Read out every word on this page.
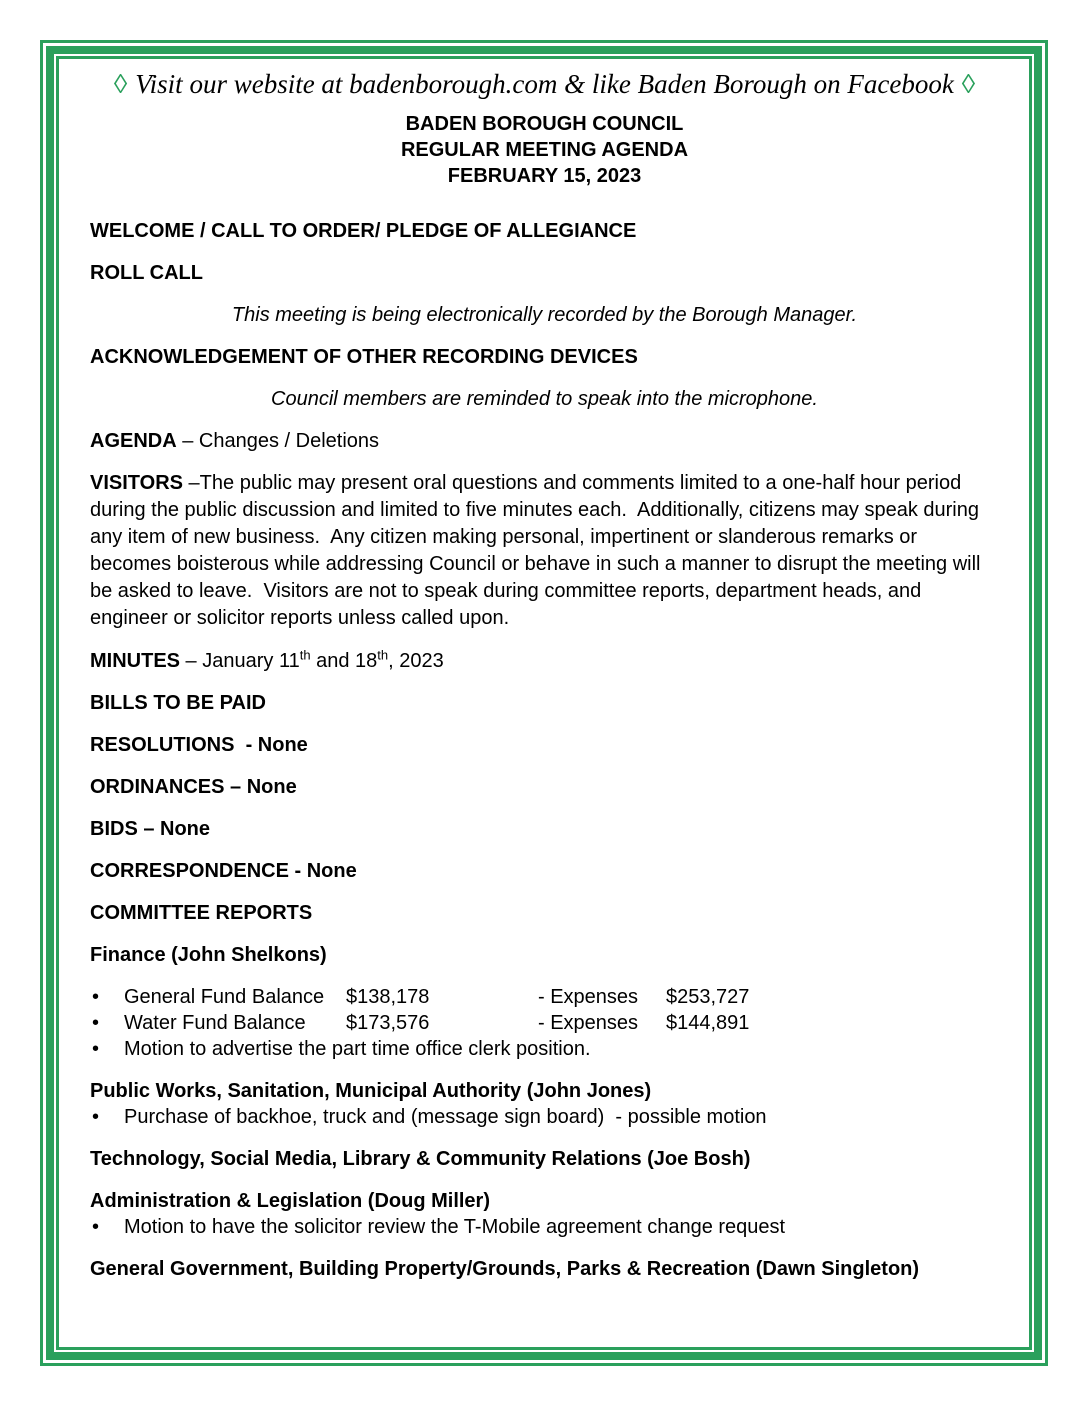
◊ Visit our website at badenborough.com & like Baden Borough on Facebook ◊

BADEN BOROUGH COUNCIL

REGULAR MEETING AGENDA

FEBRUARY 15, 2023

WELCOME / CALL TO ORDER/ PLEDGE OF ALLEGIANCE

ROLL CALL

This meeting is being electronically recorded by the Borough Manager.

ACKNOWLEDGEMENT OF OTHER RECORDING DEVICES

Council members are reminded to speak into the microphone.

AGENDA – Changes / Deletions

VISITORS –The public may present oral questions and comments limited to a one-half hour period during the public discussion and limited to five minutes each.  Additionally, citizens may speak during any item of new business.  Any citizen making personal, impertinent or slanderous remarks or becomes boisterous while addressing Council or behave in such a manner to disrupt the meeting will be asked to leave.  Visitors are not to speak during committee reports, department heads, and engineer or solicitor reports unless called upon.

MINUTES – January 11th and 18th, 2023

BILLS TO BE PAID

RESOLUTIONS  - None

ORDINANCES – None

BIDS – None

CORRESPONDENCE - None

COMMITTEE REPORTS

Finance (John Shelkons)

•	General Fund Balance	$138,178	- Expenses	$253,727
•	Water Fund Balance	$173,576	- Expenses	$144,891
•	Motion to advertise the part time office clerk position.

Public Works, Sanitation, Municipal Authority (John Jones)

•	Purchase of backhoe, truck and (message sign board)  - possible motion

Technology, Social Media, Library & Community Relations (Joe Bosh)

Administration & Legislation (Doug Miller)

•	Motion to have the solicitor review the T-Mobile agreement change request

General Government, Building Property/Grounds, Parks & Recreation (Dawn Singleton)
